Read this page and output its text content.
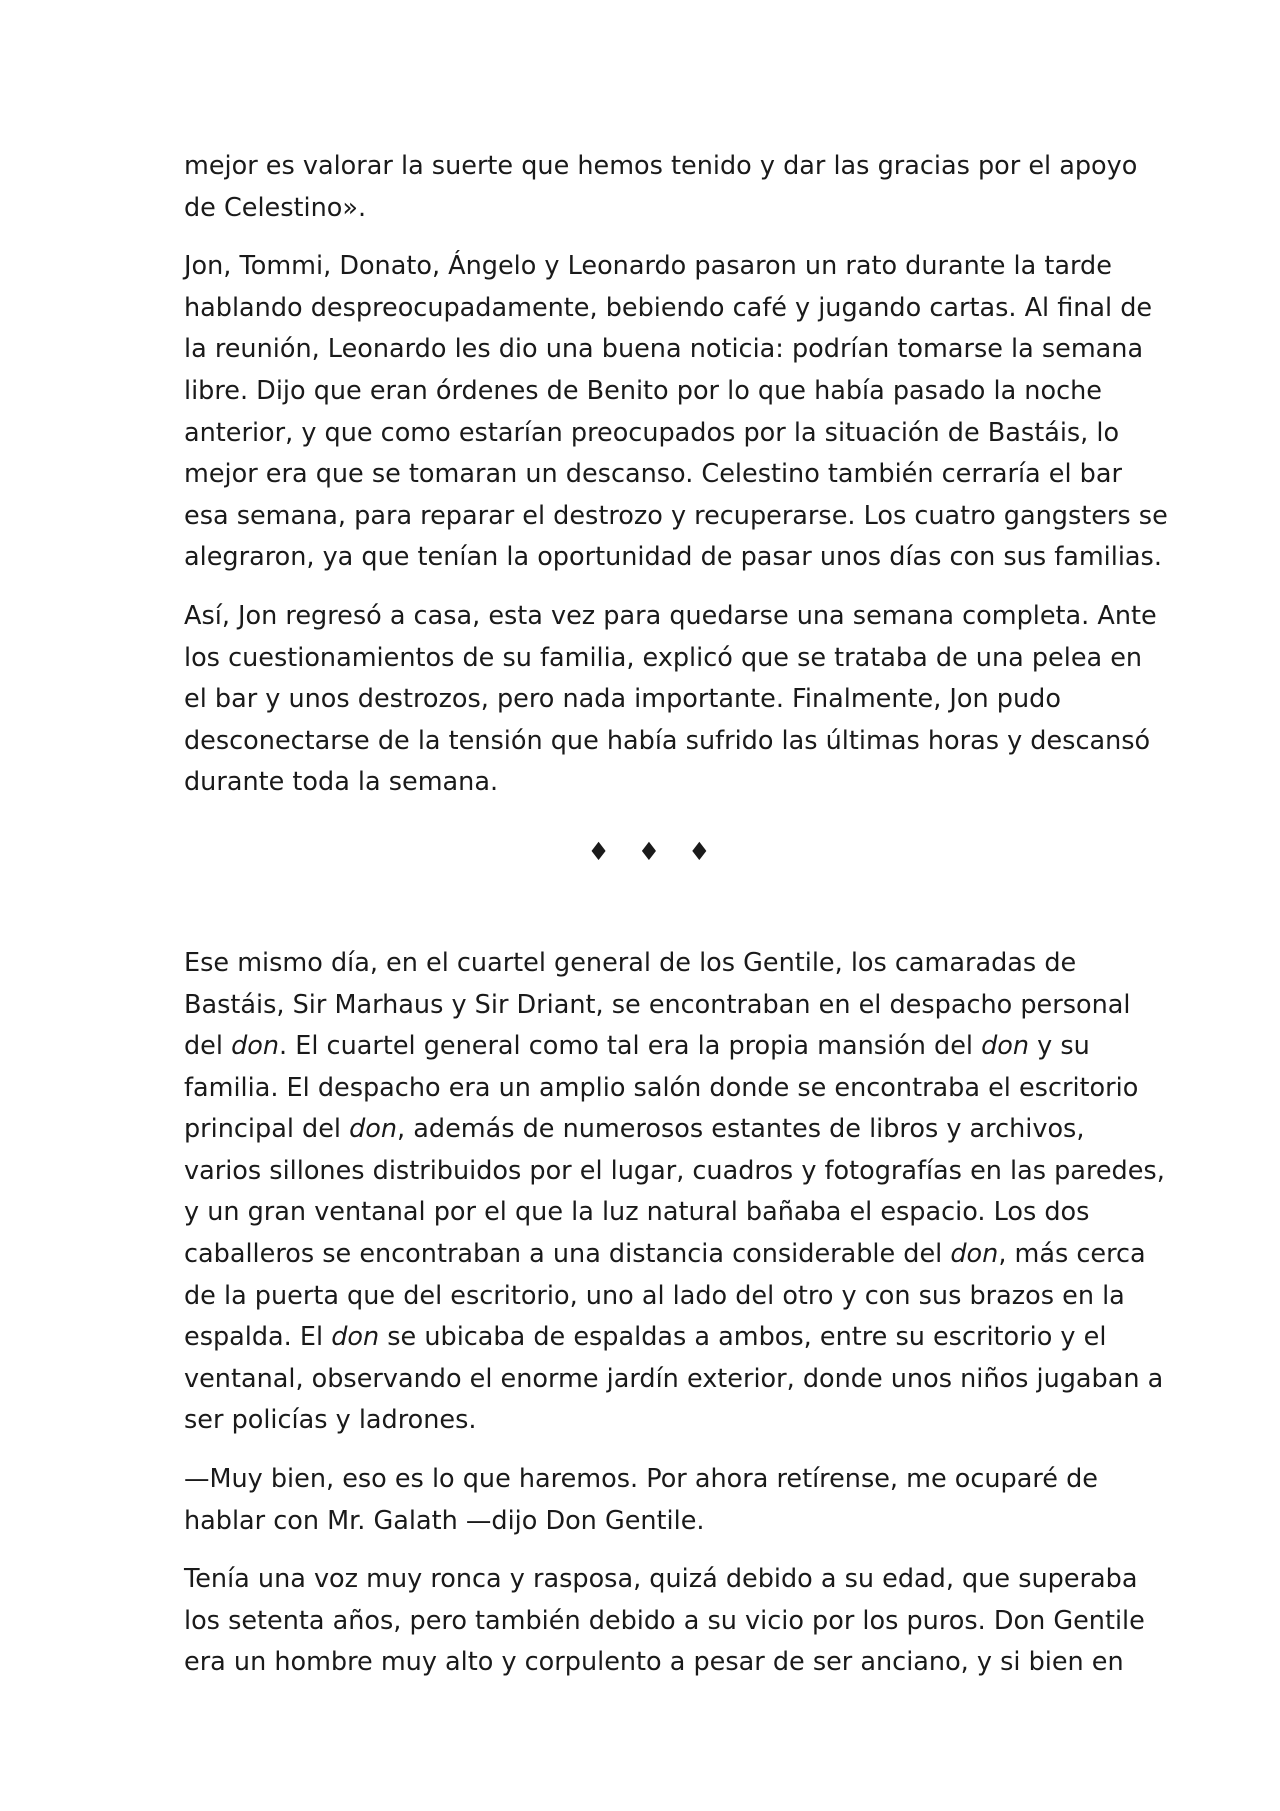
mejor es valorar la suerte que hemos tenido y dar las gracias por el apoyo
de Celestino».

Jon, Tommi, Donato, Ángelo y Leonardo pasaron un rato durante la tarde
hablando despreocupadamente, bebiendo café y jugando cartas. Al final de
la reunión, Leonardo les dio una buena noticia: podrían tomarse la semana
libre. Dijo que eran órdenes de Benito por lo que había pasado la noche
anterior, y que como estarían preocupados por la situación de Bastáis, lo
mejor era que se tomaran un descanso. Celestino también cerraría el bar
esa semana, para reparar el destrozo y recuperarse. Los cuatro gangsters se
alegraron, ya que tenían la oportunidad de pasar unos días con sus familias.

Así, Jon regresó a casa, esta vez para quedarse una semana completa. Ante
los cuestionamientos de su familia, explicó que se trataba de una pelea en
el bar y unos destrozos, pero nada importante. Finalmente, Jon pudo
desconectarse de la tensión que había sufrido las últimas horas y descansó
durante toda la semana.

♦ ♦ ♦

Ese mismo día, en el cuartel general de los Gentile, los camaradas de
Bastáis, Sir Marhaus y Sir Driant, se encontraban en el despacho personal
del don. El cuartel general como tal era la propia mansión del don y su
familia. El despacho era un amplio salón donde se encontraba el escritorio
principal del don, además de numerosos estantes de libros y archivos,
varios sillones distribuidos por el lugar, cuadros y fotografías en las paredes,
y un gran ventanal por el que la luz natural bañaba el espacio. Los dos
caballeros se encontraban a una distancia considerable del don, más cerca
de la puerta que del escritorio, uno al lado del otro y con sus brazos en la
espalda. El don se ubicaba de espaldas a ambos, entre su escritorio y el
ventanal, observando el enorme jardín exterior, donde unos niños jugaban a
ser policías y ladrones.

—Muy bien, eso es lo que haremos. Por ahora retírense, me ocuparé de
hablar con Mr. Galath —dijo Don Gentile.

Tenía una voz muy ronca y rasposa, quizá debido a su edad, que superaba
los setenta años, pero también debido a su vicio por los puros. Don Gentile
era un hombre muy alto y corpulento a pesar de ser anciano, y si bien en
